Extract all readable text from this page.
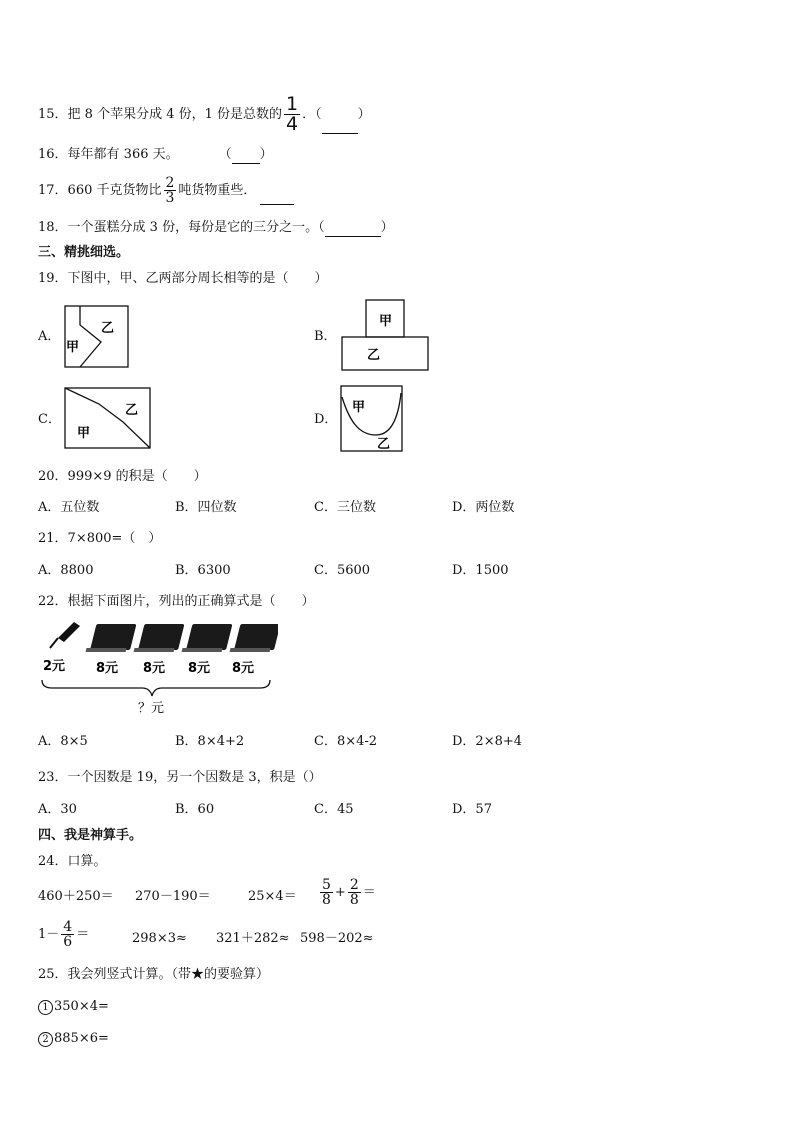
15．把 8 个苹果分成 4 份，1 份是总数的 $\frac{1}{4}$ ．（	）
16．每年都有 366 天。	（ ）
17．660 千克货物比 $\frac{2}{3}$ 吨货物重些．
18．一个蛋糕分成 3 份，每份是它的三分之一。（	）
三、精挑细选。
19．下图中，甲、乙两部分周长相等的是（　　）
A．
乙
甲
B．
甲
乙
C．
乙
甲
D．
甲
乙
20．999×9 的积是（　　）
A．五位数	B．四位数	C．三位数	D．两位数
21．7×800=（　）
A．8800	B．6300	C．5600	D．1500
22．根据下面图片，列出的正确算式是（　　）
2元 8元 8元 8元 8元
？元
A．8×5	B．8×4+2	C．8×4-2	D．2×8+4
23．一个因数是 19，另一个因数是 3，积是（）
A．30	B．60	C．45	D．57
四、我是神算手。
24．口算。
460＋250＝ 270－190＝	$25\times 4= \frac{5}{8} + \frac{2}{8}$ ＝
$1- \frac{4}{6}$ ＝	298×3≈ 321＋282≈ 598－202≈
25．我会列竖式计算。（带★的要验算）
1 350×4=
2 885×6=
